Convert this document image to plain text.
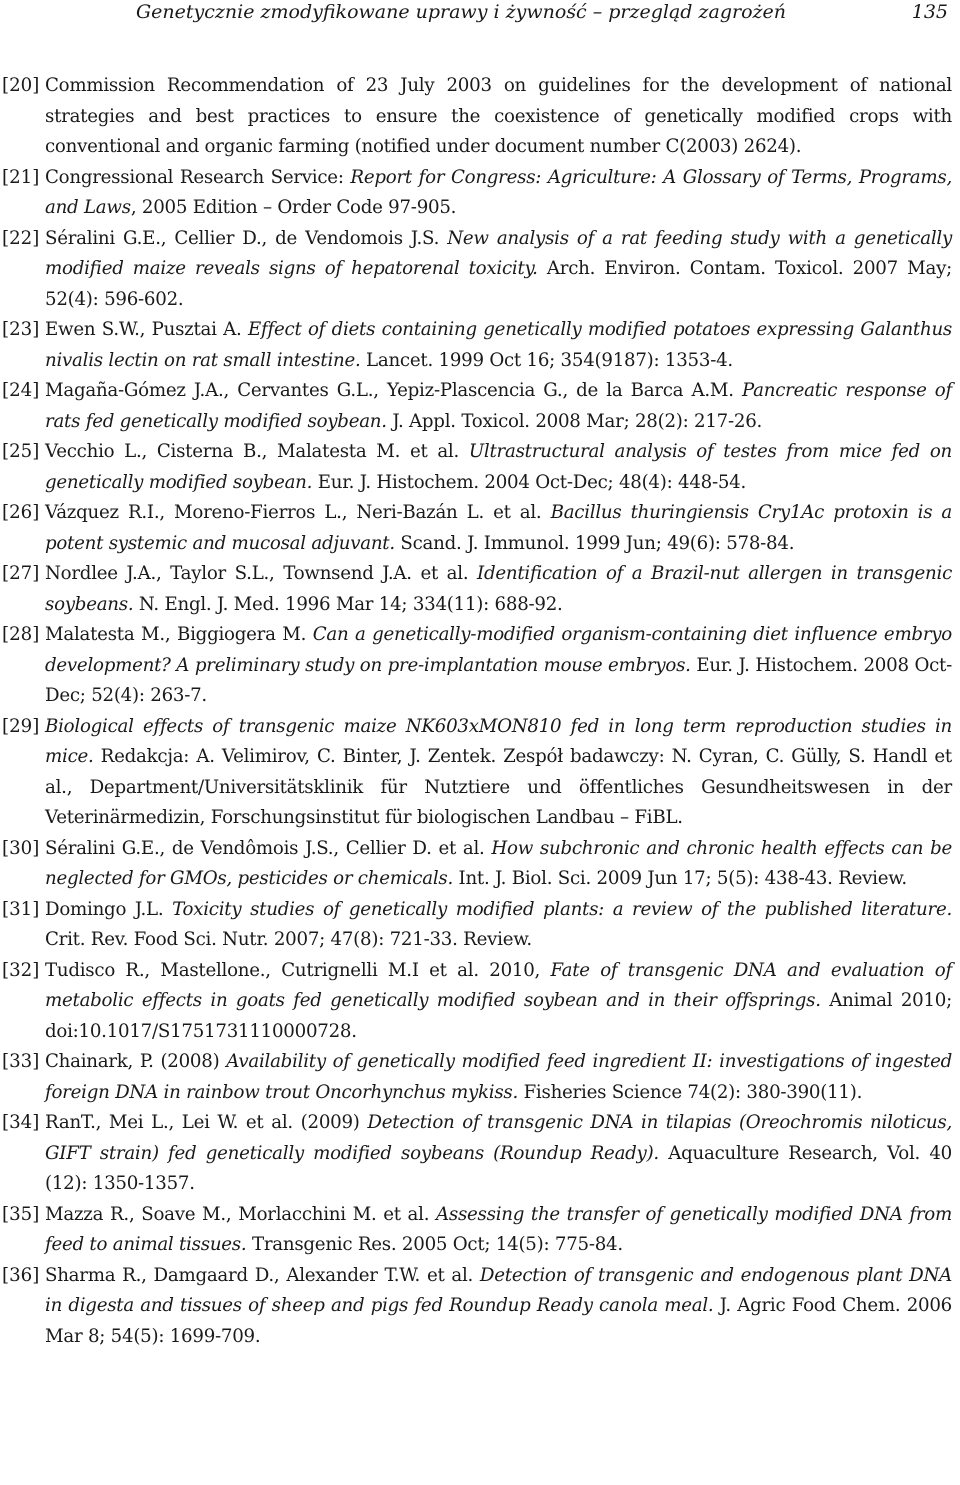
Genetycznie zmodyfikowane uprawy i żywność – przegląd zagrożeń	135
[20] Commission Recommendation of 23 July 2003 on guidelines for the development of national strategies and best practices to ensure the coexistence of genetically modified crops with conventional and organic farming (notified under document number C(2003) 2624).
[21] Congressional Research Service: Report for Congress: Agriculture: A Glossary of Terms, Programs, and Laws, 2005 Edition – Order Code 97-905.
[22] Séralini G.E., Cellier D., de Vendomois J.S. New analysis of a rat feeding study with a genetically modified maize reveals signs of hepatorenal toxicity. Arch. Environ. Contam. Toxicol. 2007 May; 52(4): 596-602.
[23] Ewen S.W., Pusztai A. Effect of diets containing genetically modified potatoes expressing Galanthus nivalis lectin on rat small intestine. Lancet. 1999 Oct 16; 354(9187): 1353-4.
[24] Magaña-Gómez J.A., Cervantes G.L., Yepiz-Plascencia G., de la Barca A.M. Pancreatic response of rats fed genetically modified soybean. J. Appl. Toxicol. 2008 Mar; 28(2): 217-26.
[25] Vecchio L., Cisterna B., Malatesta M. et al. Ultrastructural analysis of testes from mice fed on genetically modified soybean. Eur. J. Histochem. 2004 Oct-Dec; 48(4): 448-54.
[26] Vázquez R.I., Moreno-Fierros L., Neri-Bazán L. et al. Bacillus thuringiensis Cry1Ac protoxin is a potent systemic and mucosal adjuvant. Scand. J. Immunol. 1999 Jun; 49(6): 578-84.
[27] Nordlee J.A., Taylor S.L., Townsend J.A. et al. Identification of a Brazil-nut allergen in transgenic soybeans. N. Engl. J. Med. 1996 Mar 14; 334(11): 688-92.
[28] Malatesta M., Biggiogera M. Can a genetically-modified organism-containing diet influence embryo development? A preliminary study on pre-implantation mouse embryos. Eur. J. Histochem. 2008 Oct-Dec; 52(4): 263-7.
[29] Biological effects of transgenic maize NK603xMON810 fed in long term reproduction studies in mice. Redakcja: A. Velimirov, C. Binter, J. Zentek. Zespół badawczy: N. Cyran, C. Gülly, S. Handl et al., Department/Universitätsklinik für Nutztiere und öffentliches Gesundheitswesen in der Veterinärmedizin, Forschungsinstitut für biologischen Landbau – FiBL.
[30] Séralini G.E., de Vendômois J.S., Cellier D. et al. How subchronic and chronic health effects can be neglected for GMOs, pesticides or chemicals. Int. J. Biol. Sci. 2009 Jun 17; 5(5): 438-43. Review.
[31] Domingo J.L. Toxicity studies of genetically modified plants: a review of the published literature. Crit. Rev. Food Sci. Nutr. 2007; 47(8): 721-33. Review.
[32] Tudisco R., Mastellone., Cutrignelli M.I et al. 2010, Fate of transgenic DNA and evaluation of metabolic effects in goats fed genetically modified soybean and in their offsprings. Animal 2010; doi:10.1017/S1751731110000728.
[33] Chainark, P. (2008) Availability of genetically modified feed ingredient II: investigations of ingested foreign DNA in rainbow trout Oncorhynchus mykiss. Fisheries Science 74(2): 380-390(11).
[34] RanT., Mei L., Lei W. et al. (2009) Detection of transgenic DNA in tilapias (Oreochromis niloticus, GIFT strain) fed genetically modified soybeans (Roundup Ready). Aquaculture Research, Vol. 40 (12): 1350-1357.
[35] Mazza R., Soave M., Morlacchini M. et al. Assessing the transfer of genetically modified DNA from feed to animal tissues. Transgenic Res. 2005 Oct; 14(5): 775-84.
[36] Sharma R., Damgaard D., Alexander T.W. et al. Detection of transgenic and endogenous plant DNA in digesta and tissues of sheep and pigs fed Roundup Ready canola meal. J. Agric Food Chem. 2006 Mar 8; 54(5): 1699-709.
